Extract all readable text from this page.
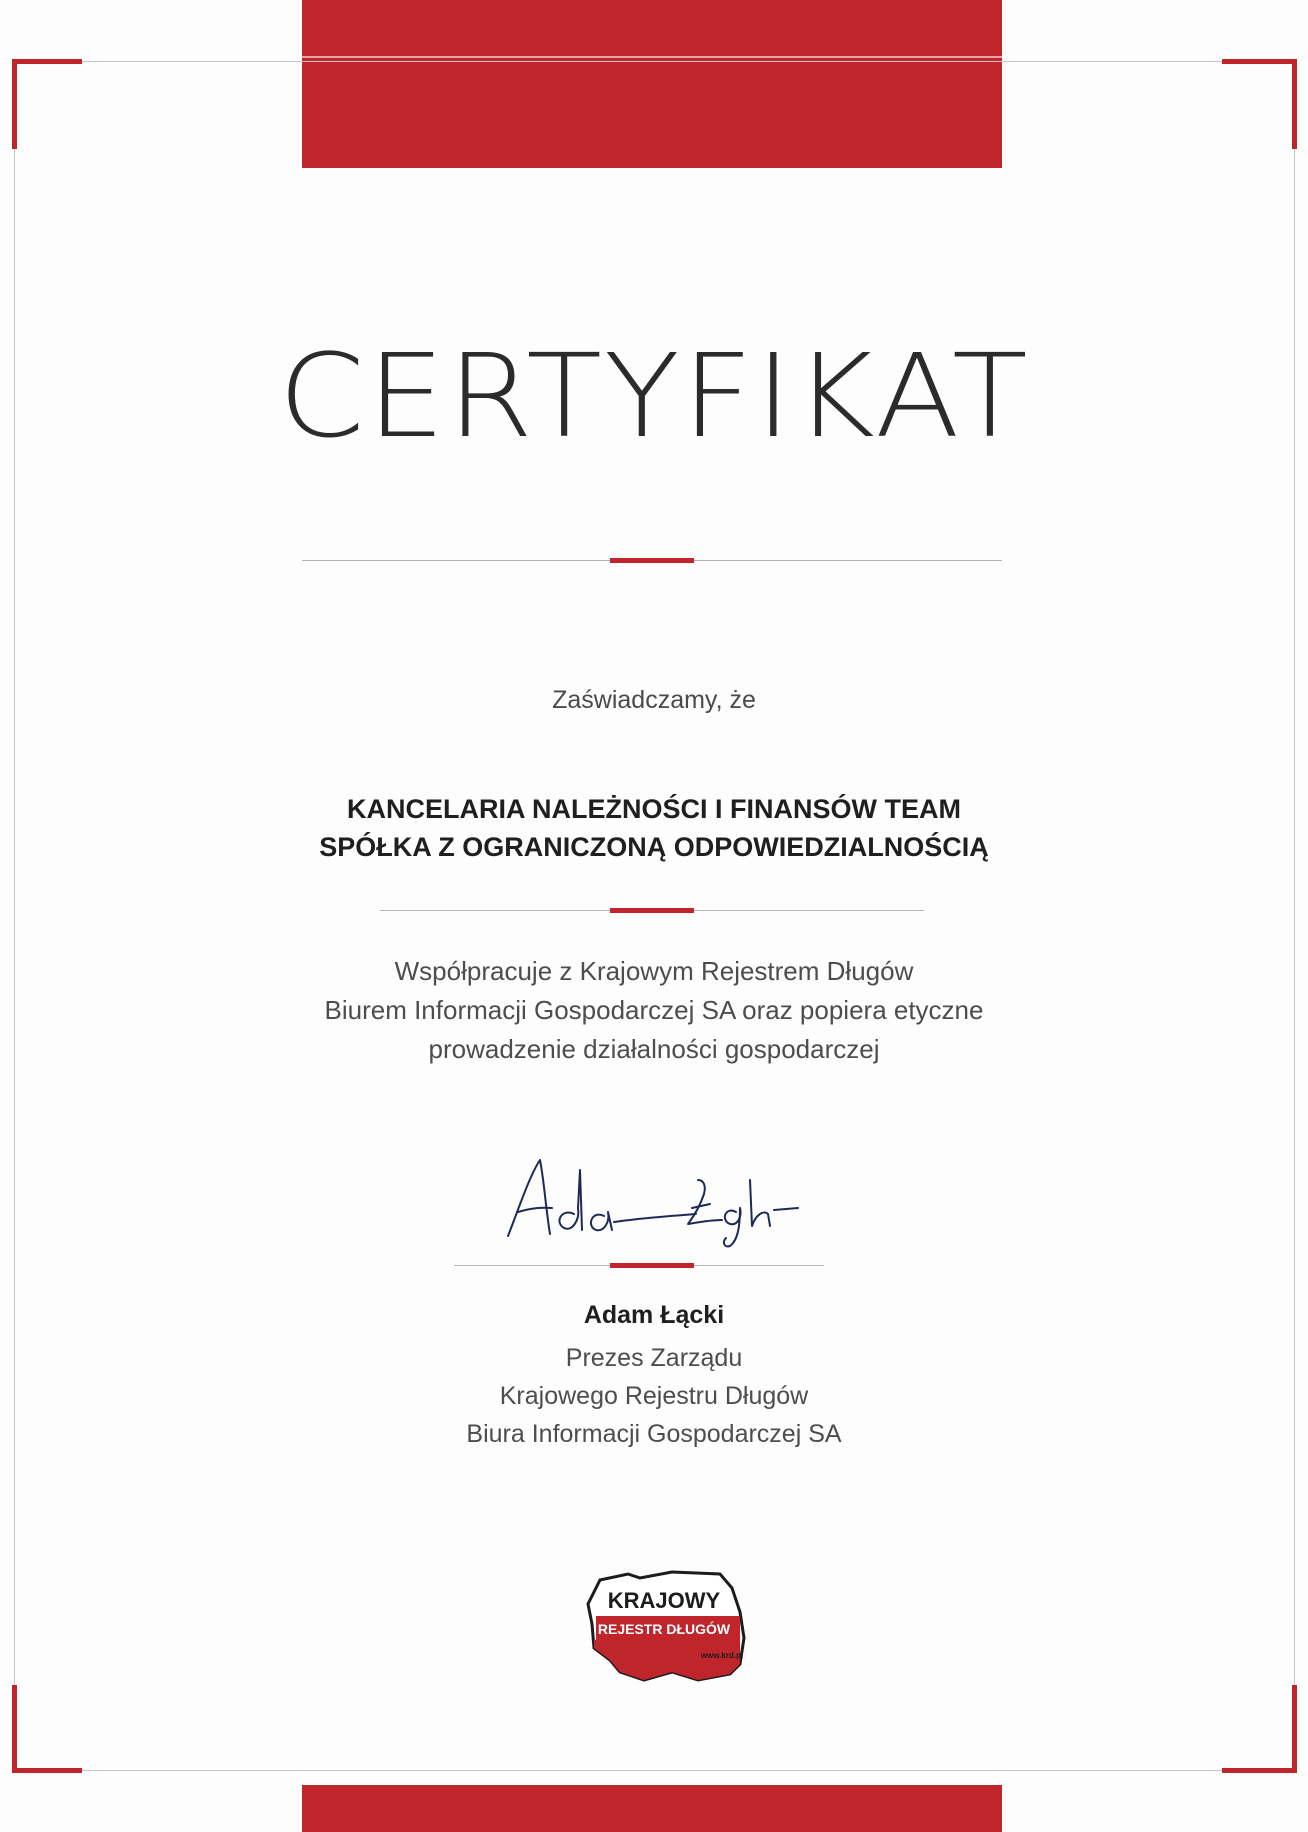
CERTYFIKAT
Zaświadczamy, że
KANCELARIA NALEŻNOŚCI I FINANSÓW TEAM
SPÓŁKA Z OGRANICZONĄ ODPOWIEDZIALNOŚCIĄ
Współpracuje z Krajowym Rejestrem Długów
Biurem Informacji Gospodarczej SA oraz popiera etyczne
prowadzenie działalności gospodarczej
Adam Łącki
Adam Łącki
Prezes Zarządu
Krajowego Rejestru Długów
Biura Informacji Gospodarczej SA
KRAJOWY
REJESTR DŁUGÓW
www.krd.pl
